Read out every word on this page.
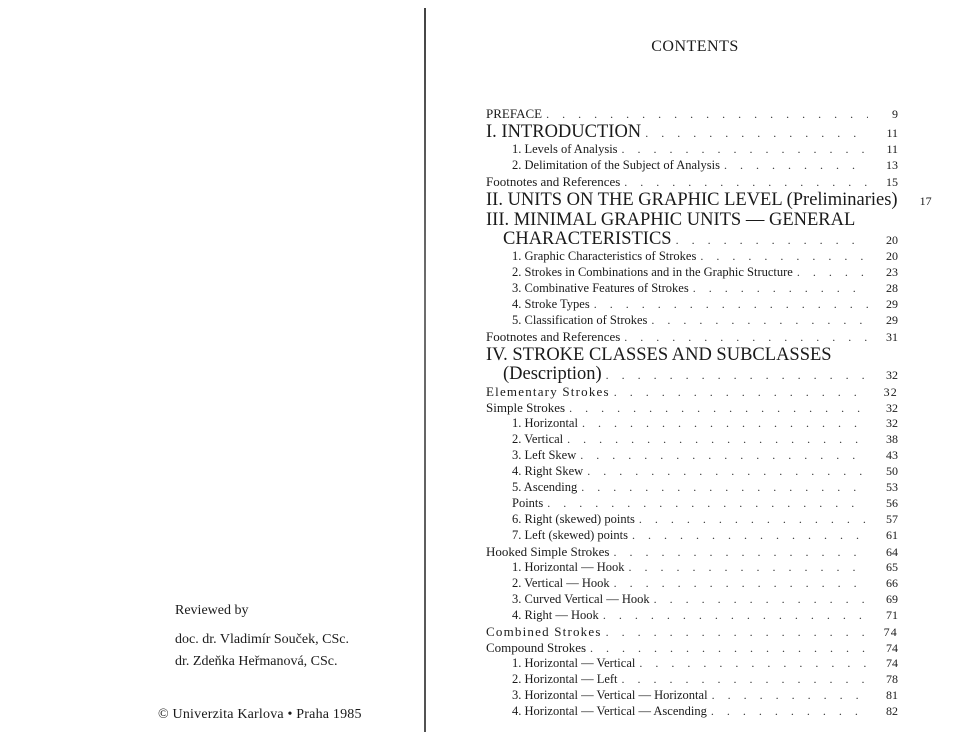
Reviewed by
doc. dr. Vladimír Souček, CSc.
dr. Zdeňka Heřmanová, CSc.
© Univerzita Karlova • Praha 1985
CONTENTS
PREFACE . . .	9
I. INTRODUCTION . . .	11
1. Levels of Analysis . . .	11
2. Delimitation of the Subject of Analysis . . .	13
Footnotes and References . . .	15
II. UNITS ON THE GRAPHIC LEVEL (Preliminaries)	17
III. MINIMAL GRAPHIC UNITS — GENERAL
CHARACTERISTICS . . .	20
1. Graphic Characteristics of Strokes . . .	20
2. Strokes in Combinations and in the Graphic Structure . . .	23
3. Combinative Features of Strokes . . .	28
4. Stroke Types . . .	29
5. Classification of Strokes . . .	29
Footnotes and References . . .	31
IV. STROKE CLASSES AND SUBCLASSES
(Description) . . .	32
Elementary Strokes . . .	32
Simple Strokes . . .	32
1. Horizontal . . .	32
2. Vertical . . .	38
3. Left Skew . . .	43
4. Right Skew . . .	50
5. Ascending . . .	53
Points . . .	56
6. Right (skewed) points . . .	57
7. Left (skewed) points . . .	61
Hooked Simple Strokes . . .	64
1. Horizontal — Hook . . .	65
2. Vertical — Hook . . .	66
3. Curved Vertical — Hook . . .	69
4. Right — Hook . . .	71
Combined Strokes . . .	74
Compound Strokes . . .	74
1. Horizontal — Vertical . . .	74
2. Horizontal — Left . . .	78
3. Horizontal — Vertical — Horizontal . . .	81
4. Horizontal — Vertical — Ascending . . .	82
